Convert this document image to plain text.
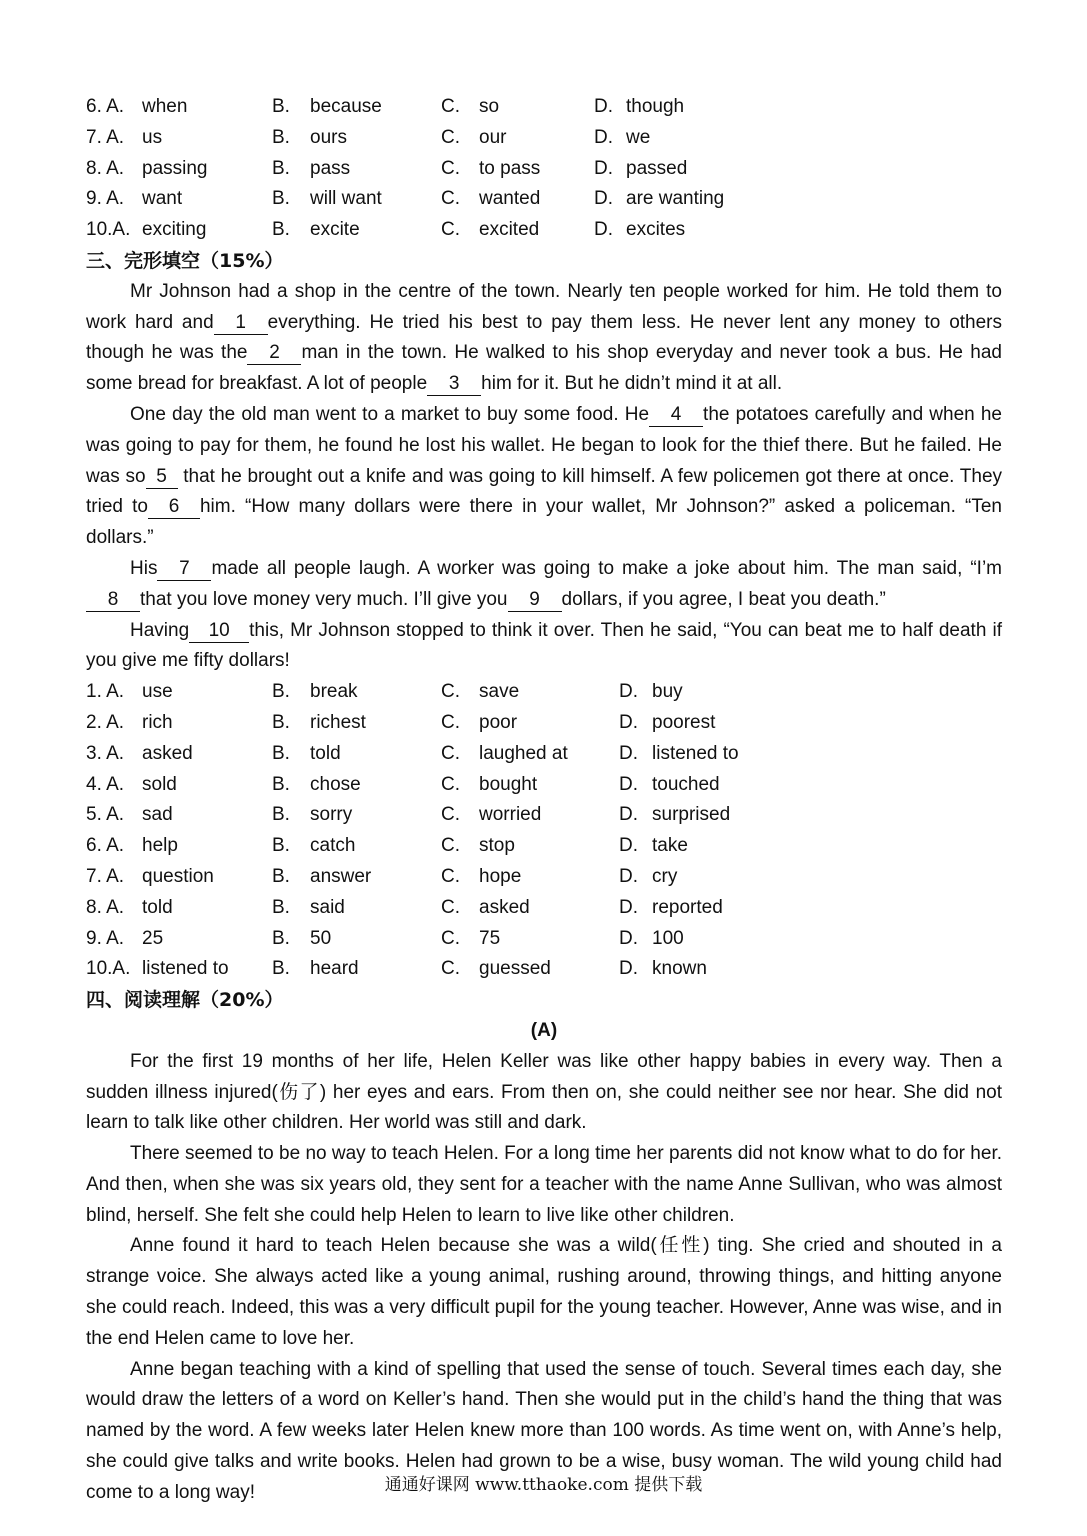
6. A. when	B.	because	C.	so	D. though
7. A. us	B.	ours	C.	our	D. we
8. A. passing	B.	pass	C.	to pass	D. passed
9. A. want	B.	will want	C.	wanted	D. are wanting
10.A. exciting	B.	excite	C.	excited	D. excites
三、完形填空（15%）

Mr Johnson had a shop in the centre of the town. Nearly ten people worked for him. He told them to work hard and 1 everything. He tried his best to pay them less. He never lent any money to others though he was the 2 man in the town. He walked to his shop everyday and never took a bus. He had some bread for breakfast. A lot of people 3 him for it. But he didn’t mind it at all.

One day the old man went to a market to buy some food. He 4 the potatoes carefully and when he was going to pay for them, he found he lost his wallet. He began to look for the thief there. But he failed. He was so 5 that he brought out a knife and was going to kill himself. A few policemen got there at once. They tried to 6 him. “How many dollars were there in your wallet, Mr Johnson?” asked a policeman. “Ten dollars.”

His 7 made all people laugh. A worker was going to make a joke about him. The man said, “I’m8 that you love money very much. I’ll give you 9 dollars, if you agree, I beat you death.”

Having 10 this, Mr Johnson stopped to think it over. Then he said, “You can beat me to half death if you give me fifty dollars!

1. A. use	B.	break	C.	save	D. buy
2. A. rich	B.	richest	C.	poor	D. poorest
3. A. asked	B.	told	C.	laughed at	D. listened to
4. A. sold	B.	chose	C.	bought	D. touched
5. A. sad	B.	sorry	C.	worried	D. surprised
6. A. help	B.	catch	C.	stop	D. take
7. A. question	B.	answer	C.	hope	D. cry
8. A. told	B.	said	C.	asked	D. reported
9. A. 25	B.	50	C.	75	D. 100
10.A. listened to	B.	heard	C.	guessed	D. known
四、阅读理解（20%）
(A)

For the first 19 months of her life, Helen Keller was like other happy babies in every way. Then a sudden illness injured(伤了) her eyes and ears. From then on, she could neither see nor hear. She did not learn to talk like other children. Her world was still and dark.

There seemed to be no way to teach Helen. For a long time her parents did not know what to do for her. And then, when she was six years old, they sent for a teacher with the name Anne Sullivan, who was almost blind, herself. She felt she could help Helen to learn to live like other children.

Anne found it hard to teach Helen because she was a wild(任性) ting. She cried and shouted in a strange voice. She always acted like a young animal, rushing around, throwing things, and hitting anyone she could reach. Indeed, this was a very difficult pupil for the young teacher. However, Anne was wise, and in the end Helen came to love her.

Anne began teaching with a kind of spelling that used the sense of touch. Several times each day, she would draw the letters of a word on Keller’s hand. Then she would put in the child’s hand the thing that was named by the word. A few weeks later Helen knew more than 100 words. As time went on, with Anne’s help, she could give talks and write books. Helen had grown to be a wise, busy woman. The wild young child had come to a long way!	通通好课网 www.tthaoke.com 提供下载
